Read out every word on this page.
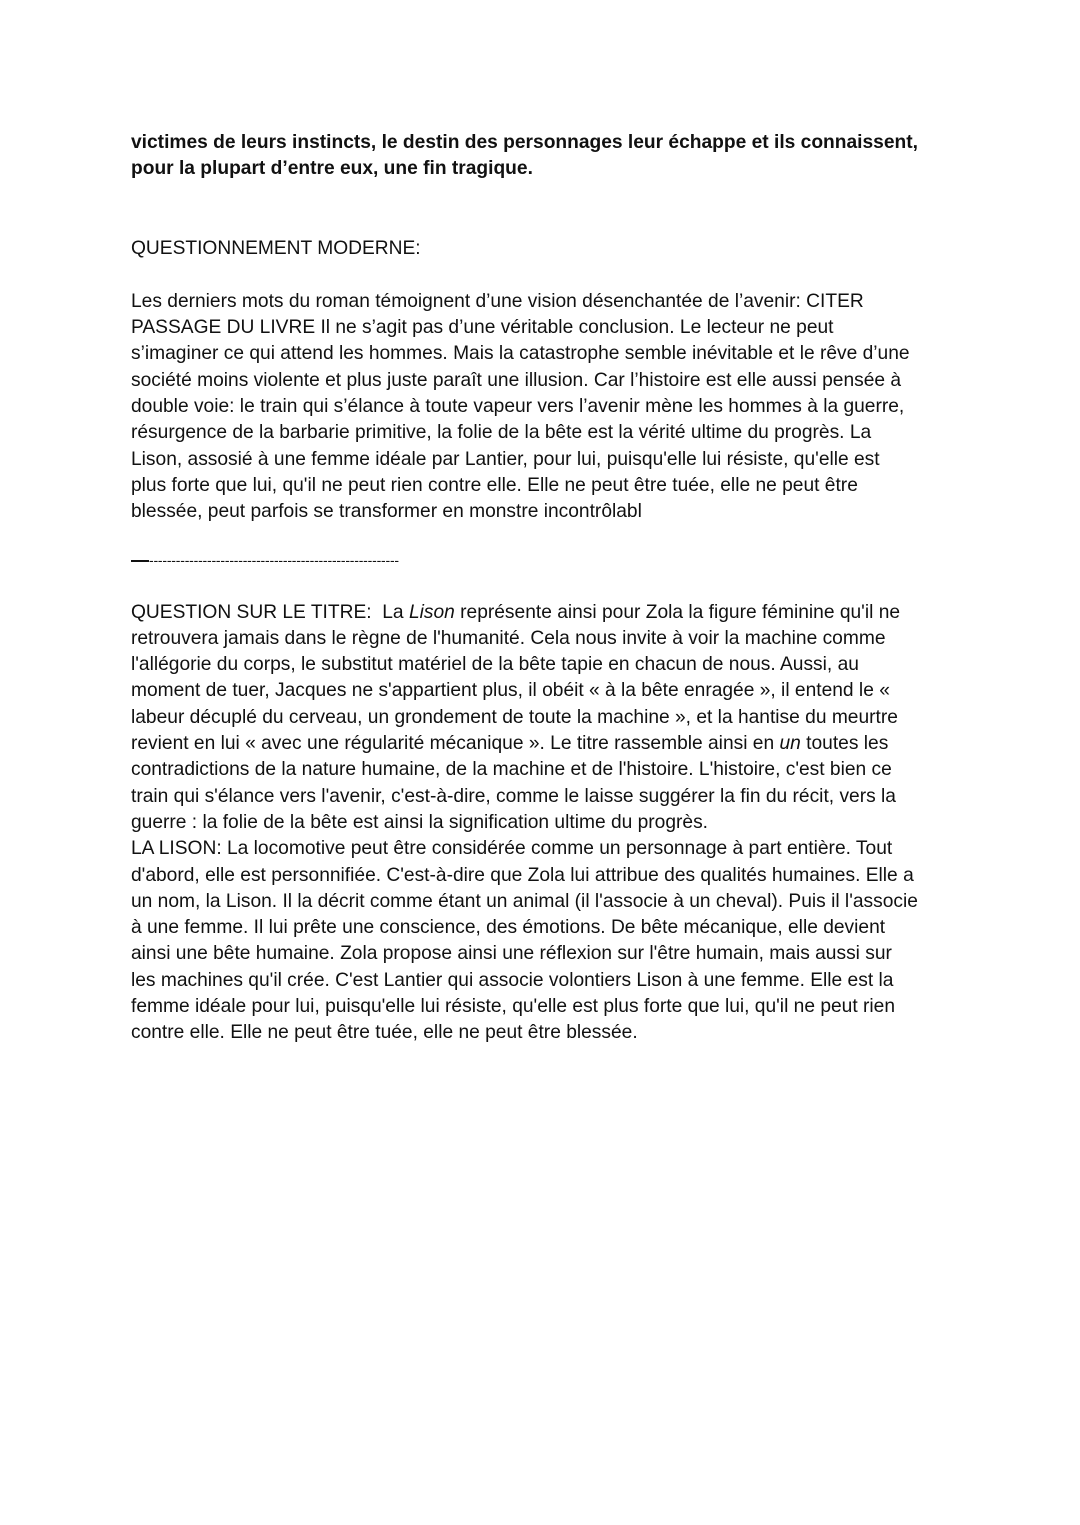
victimes de leurs instincts, le destin des personnages leur échappe et ils connaissent,
pour la plupart d’entre eux, une fin tragique.

QUESTIONNEMENT MODERNE:

Les derniers mots du roman témoignent d’une vision désenchantée de l’avenir: CITER
PASSAGE DU LIVRE Il ne s’agit pas d’une véritable conclusion. Le lecteur ne peut
s’imaginer ce qui attend les hommes. Mais la catastrophe semble inévitable et le rêve d’une
société moins violente et plus juste paraît une illusion. Car l’histoire est elle aussi pensée à
double voie: le train qui s’élance à toute vapeur vers l’avenir mène les hommes à la guerre,
résurgence de la barbarie primitive, la folie de la bête est la vérité ultime du progrès. La
Lison, assosié à une femme idéale par Lantier, pour lui, puisqu'elle lui résiste, qu'elle est
plus forte que lui, qu'il ne peut rien contre elle. Elle ne peut être tuée, elle ne peut être
blessée, peut parfois se transformer en monstre incontrôlabl

--------------------------------------------------------

QUESTION SUR LE TITRE:  La Lison représente ainsi pour Zola la figure féminine qu'il ne
retrouvera jamais dans le règne de l'humanité. Cela nous invite à voir la machine comme
l'allégorie du corps, le substitut matériel de la bête tapie en chacun de nous. Aussi, au
moment de tuer, Jacques ne s'appartient plus, il obéit « à la bête enragée », il entend le «
labeur décuplé du cerveau, un grondement de toute la machine », et la hantise du meurtre
revient en lui « avec une régularité mécanique ». Le titre rassemble ainsi en un toutes les
contradictions de la nature humaine, de la machine et de l'histoire. L'histoire, c'est bien ce
train qui s'élance vers l'avenir, c'est-à-dire, comme le laisse suggérer la fin du récit, vers la
guerre : la folie de la bête est ainsi la signification ultime du progrès.

LA LISON: La locomotive peut être considérée comme un personnage à part entière. Tout
d'abord, elle est personnifiée. C'est-à-dire que Zola lui attribue des qualités humaines. Elle a
un nom, la Lison. Il la décrit comme étant un animal (il l'associe à un cheval). Puis il l'associe
à une femme. Il lui prête une conscience, des émotions. De bête mécanique, elle devient
ainsi une bête humaine. Zola propose ainsi une réflexion sur l'être humain, mais aussi sur
les machines qu'il crée. C'est Lantier qui associe volontiers Lison à une femme. Elle est la
femme idéale pour lui, puisqu'elle lui résiste, qu'elle est plus forte que lui, qu'il ne peut rien
contre elle. Elle ne peut être tuée, elle ne peut être blessée.
